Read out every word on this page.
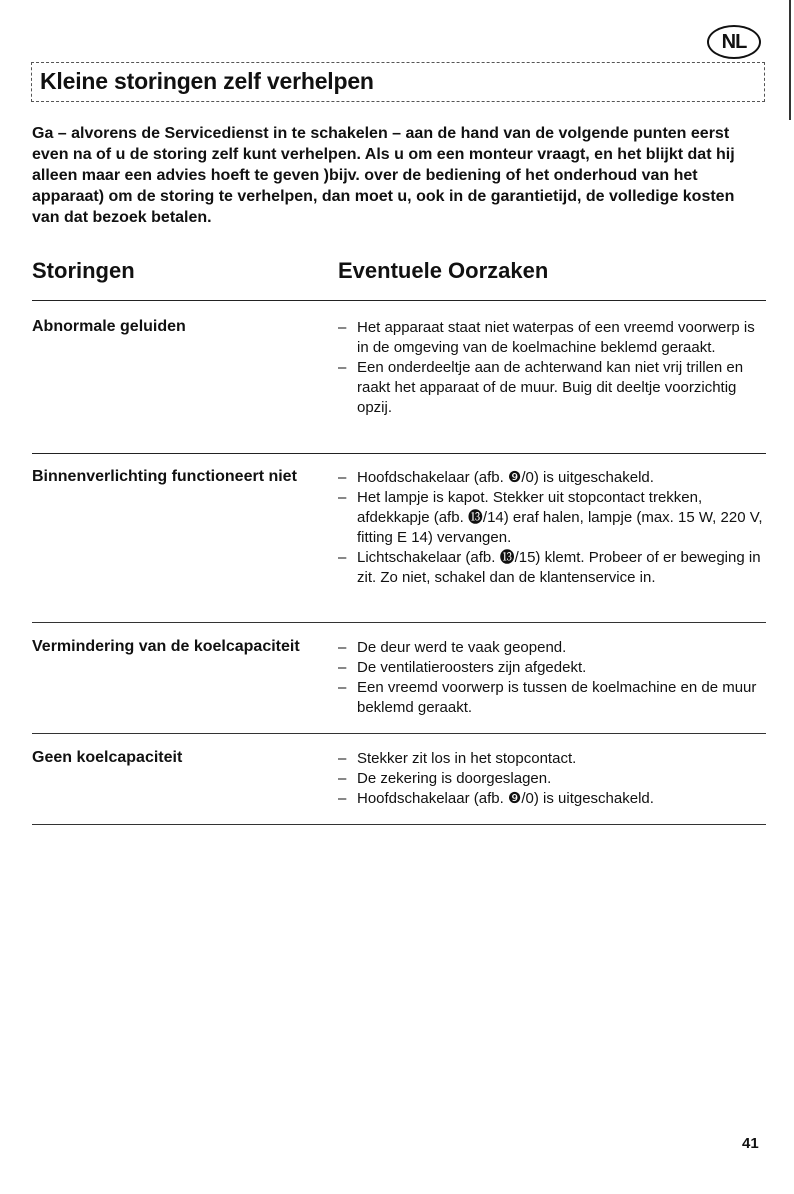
NL
Kleine storingen zelf verhelpen
Ga – alvorens de Servicedienst in te schakelen – aan de hand van de volgende punten eerst even na of u de storing zelf kunt verhelpen. Als u om een monteur vraagt, en het blijkt dat hij alleen maar een advies hoeft te geven )bijv. over de bediening of het onderhoud van het apparaat) om de storing te verhelpen, dan moet u, ook in de garantietijd, de volledige kosten van dat bezoek betalen.
Storingen	Eventuele Oorzaken
Abnormale geluiden	– Het apparaat staat niet waterpas of een vreemd voorwerp is in de omgeving van de koelmachine beklemd geraakt.
– Een onderdeeltje aan de achterwand kan niet vrij trillen en raakt het apparaat of de muur. Buig dit deeltje voorzichtig opzij.
Binnenverlichting functioneert niet	– Hoofdschakelaar (afb. ❾/0) is uitgeschakeld.
– Het lampje is kapot. Stekker uit stopcontact trekken, afdekkapje (afb. ⓭/14) eraf halen, lampje (max. 15 W, 220 V, fitting E 14) vervangen.
– Lichtschakelaar (afb. ⓭/15) klemt. Probeer of er beweging in zit. Zo niet, schakel dan de klantenservice in.
Vermindering van de koelcapaciteit	– De deur werd te vaak geopend.
– De ventilatieroosters zijn afgedekt.
– Een vreemd voorwerp is tussen de koelmachine en de muur beklemd geraakt.
Geen koelcapaciteit	– Stekker zit los in het stopcontact.
– De zekering is doorgeslagen.
– Hoofdschakelaar (afb. ❾/0) is uitgeschakeld.
41
